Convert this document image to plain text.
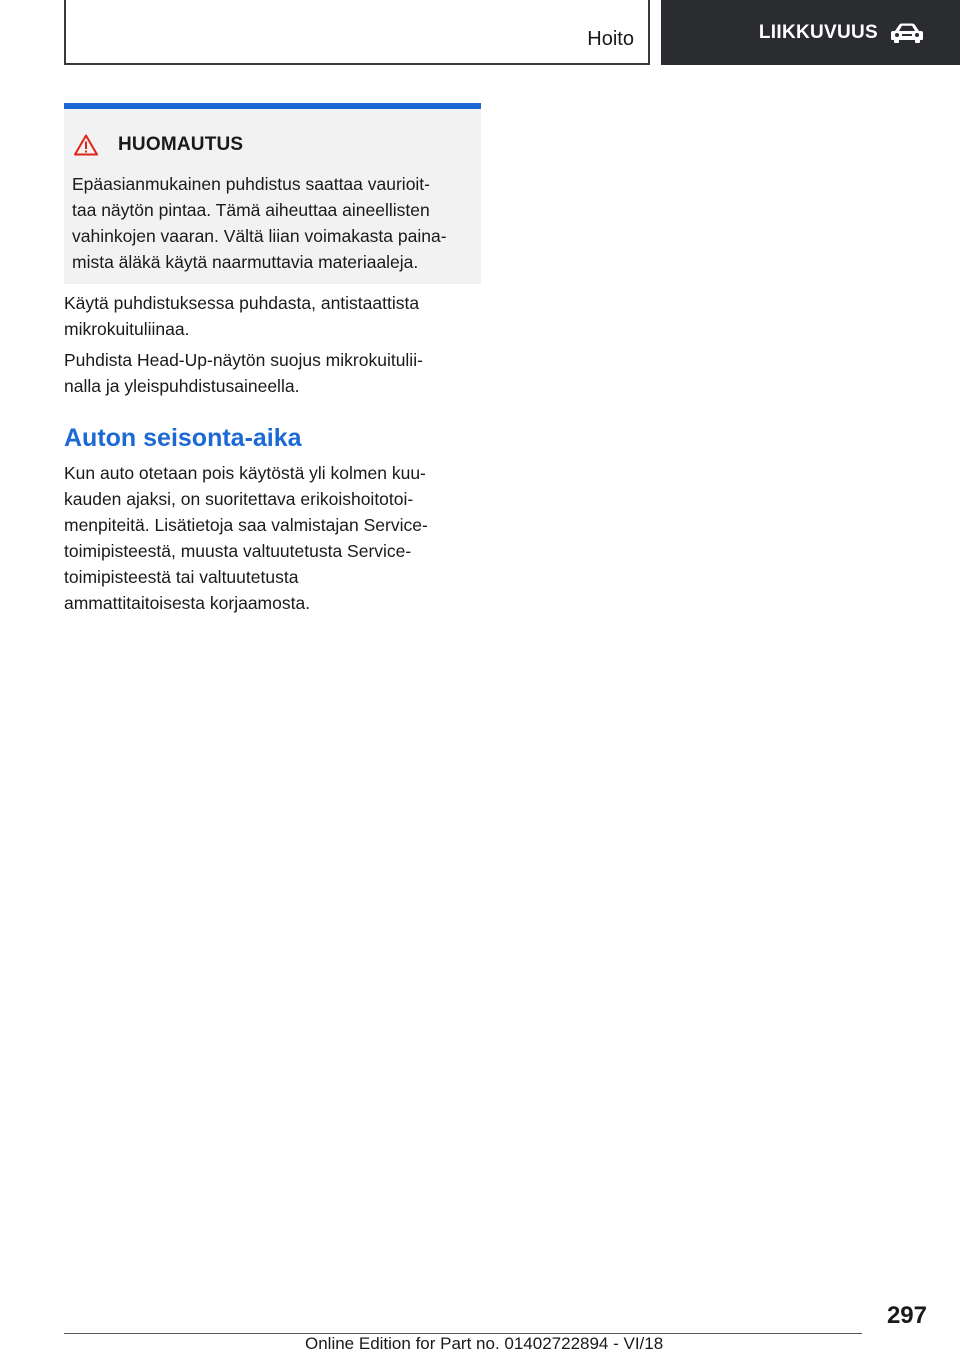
Hoito	LIIKKUVUUS
HUOMAUTUS
Epäasianmukainen puhdistus saattaa vaurioit‐
taa näytön pintaa. Tämä aiheuttaa aineellisten
vahinkojen vaaran. Vältä liian voimakasta paina‐
mista äläkä käytä naarmuttavia materiaaleja.
Käytä puhdistuksessa puhdasta, antistaattista
mikrokuituliinaa.
Puhdista Head-Up-näytön suojus mikrokuitulii‐
nalla ja yleispuhdistusaineella.
Auton seisonta-aika
Kun auto otetaan pois käytöstä yli kolmen kuu‐
kauden ajaksi, on suoritettava erikoishoitotoi‐
menpiteitä. Lisätietoja saa valmistajan Service-
toimipisteestä, muusta valtuutetusta Service-
toimipisteestä tai valtuutetusta
ammattitaitoisesta korjaamosta.
297
Online Edition for Part no. 01402722894 - VI/18
